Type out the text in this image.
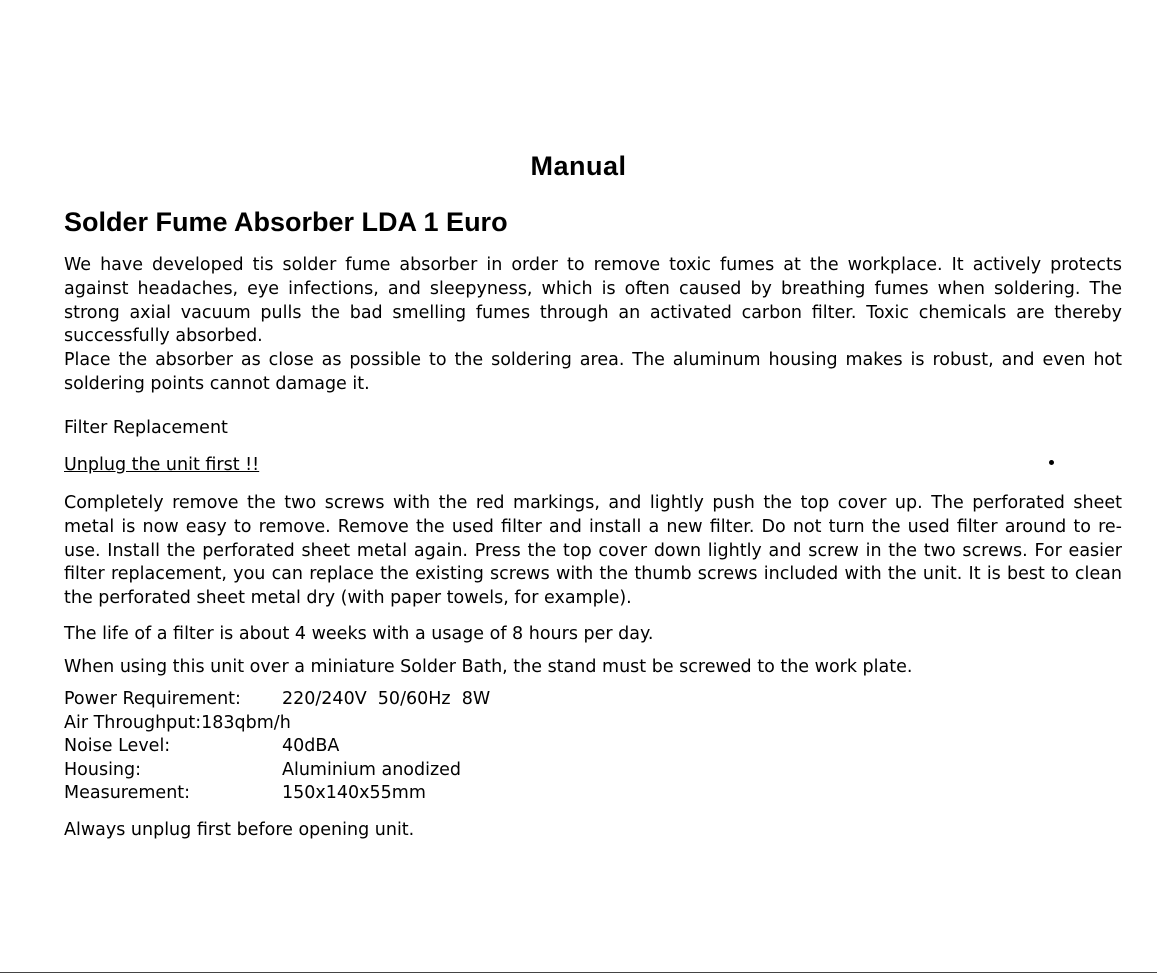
Manual
Solder Fume Absorber LDA 1 Euro

We have developed tis solder fume absorber in order to remove toxic fumes at the workplace. It actively protects against headaches, eye infections, and sleepyness, which is often caused by breathing fumes when soldering. The strong axial vacuum pulls the bad smelling fumes through an activated carbon filter. Toxic chemicals are thereby successfully absorbed.

Place the absorber as close as possible to the soldering area. The aluminum housing makes is robust, and even hot soldering points cannot damage it.

Filter Replacement

Unplug the unit first !!

Completely remove the two screws with the red markings, and lightly push the top cover up. The perforated sheet metal is now easy to remove. Remove the used filter and install a new filter. Do not turn the used filter around to re-use. Install the perforated sheet metal again. Press the top cover down lightly and screw in the two screws. For easier filter replacement, you can replace the existing screws with the thumb screws included with the unit. It is best to clean the perforated sheet metal dry (with paper towels, for example).

The life of a filter is about 4 weeks with a usage of 8 hours per day.

When using this unit over a miniature Solder Bath, the stand must be screwed to the work plate.

Power Requirement: 220/240V  50/60Hz  8W
Air Throughput:183qbm/h
Noise Level:	40dBA
Housing:	Aluminium anodized
Measurement:	150x140x55mm

Always unplug first before opening unit.
